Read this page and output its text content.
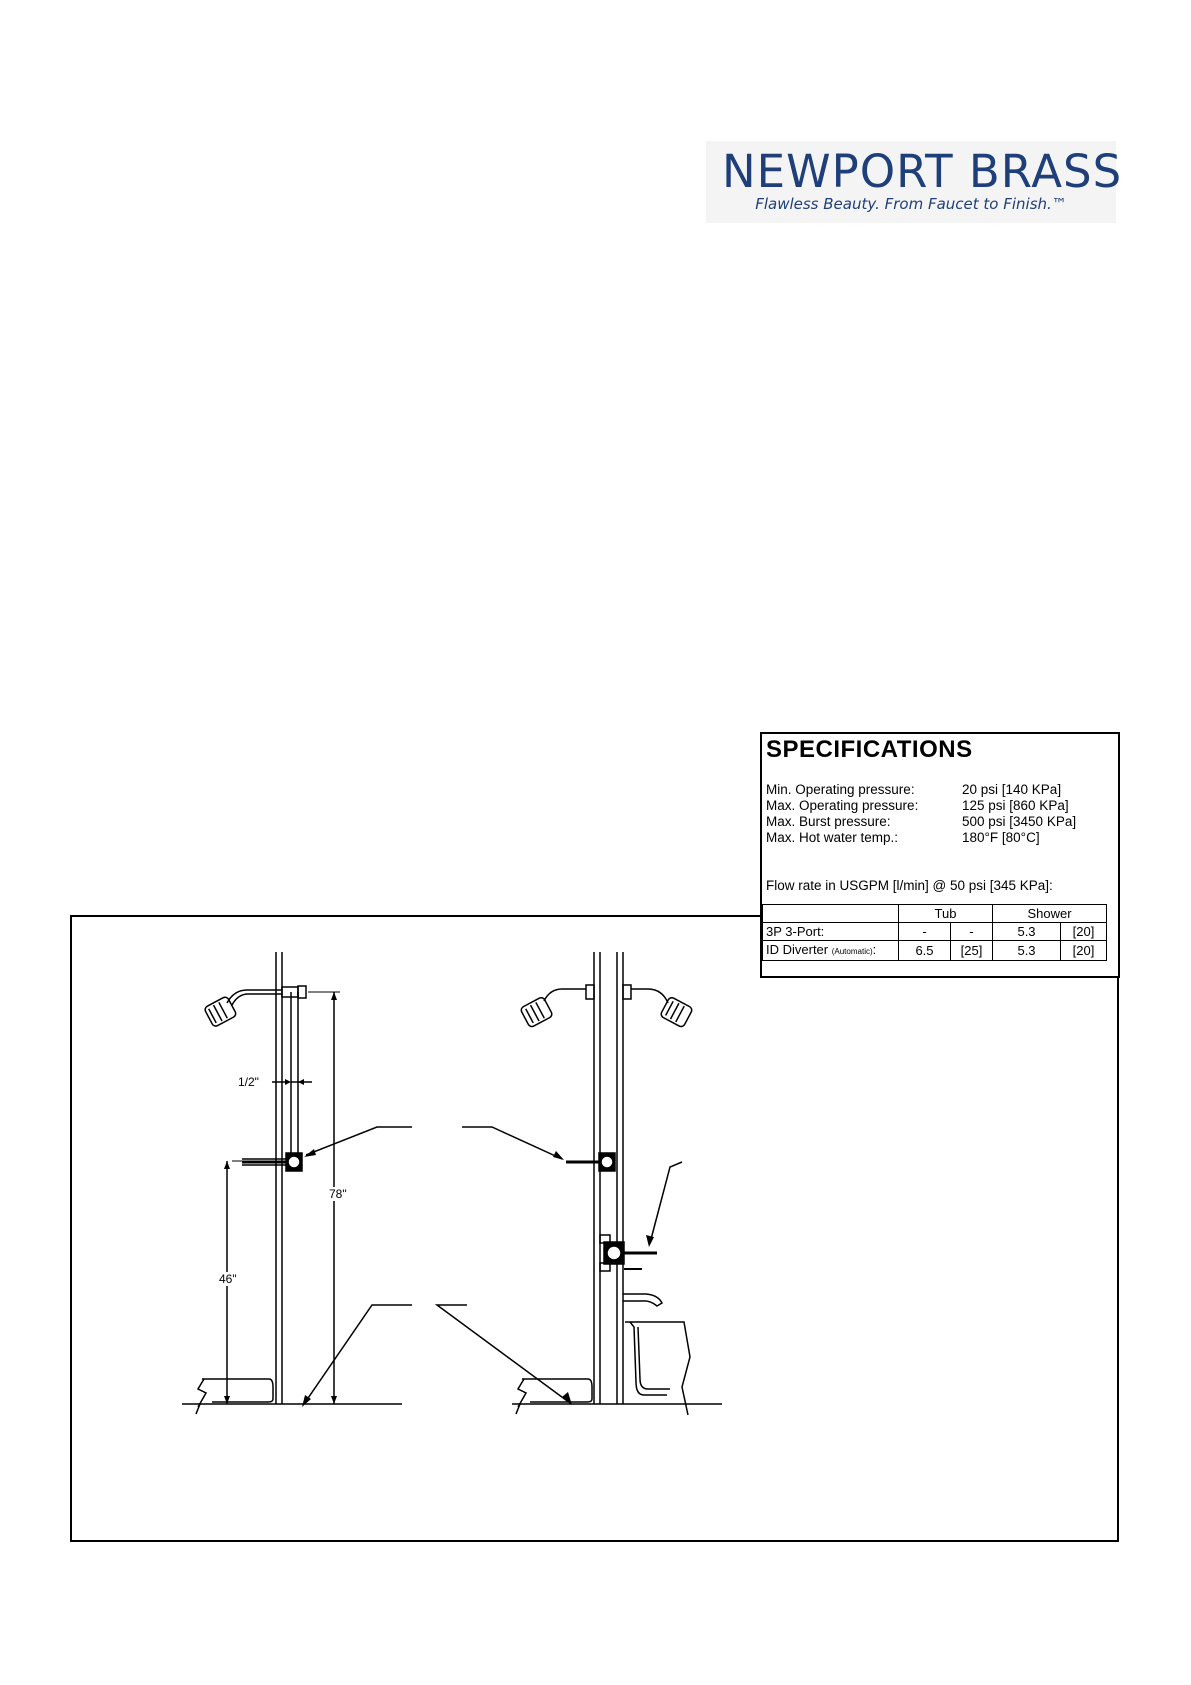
NEWPORT BRASS
Flawless Beauty. From Faucet to Finish.™
1/2"
46"
78"
SPECIFICATIONS
Min. Operating pressure:	20 psi [140 KPa]
Max. Operating pressure:	125 psi [860 KPa]
Max. Burst pressure:	500 psi [3450 KPa]
Max. Hot water temp.:	180°F [80°C]
Flow rate in USGPM [l/min] @ 50 psi [345 KPa]:
	Tub		Shower	
3P 3-Port:	-	-	5.3	[20]
ID Diverter (Automatic):	6.5	[25]	5.3	[20]
